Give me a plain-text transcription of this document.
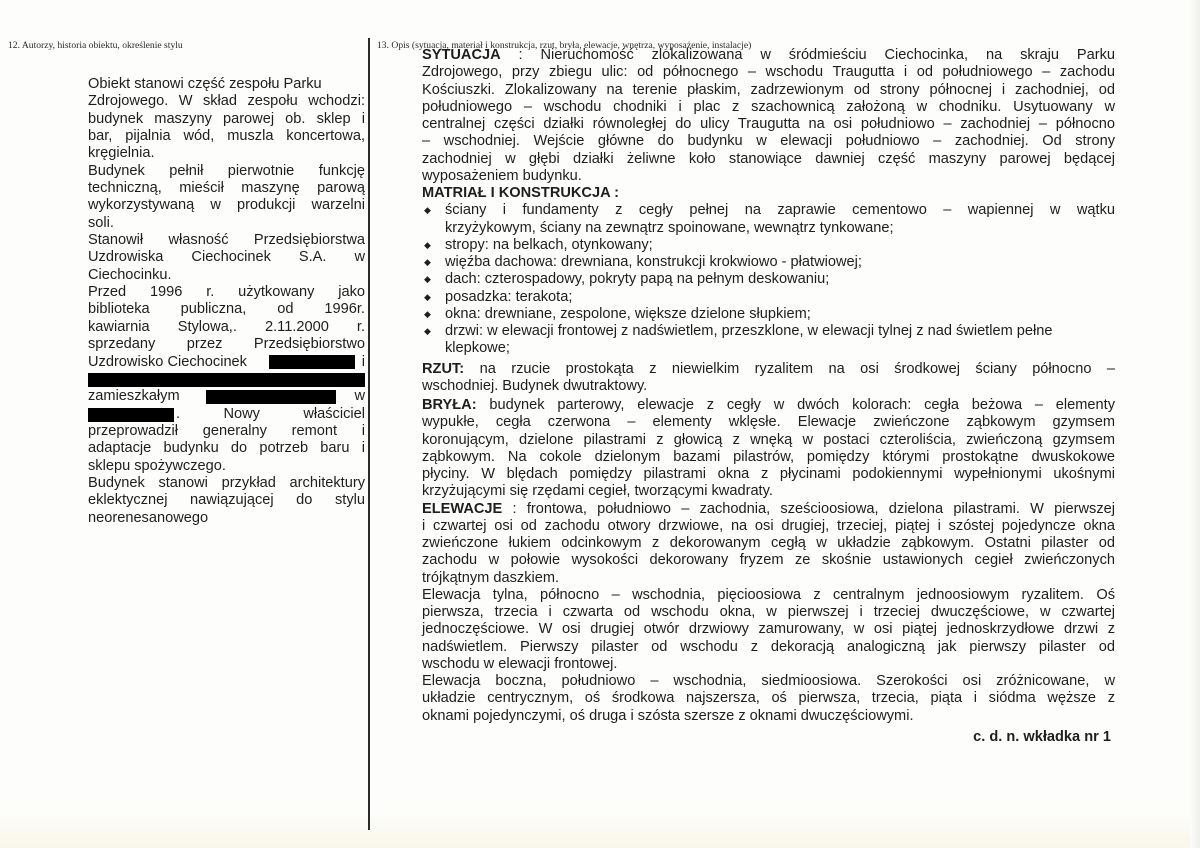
12. Autorzy, historia obiektu, określenie stylu	13. Opis (sytuacja, materiał i konstrukcja, rzut, bryła, elewacje, wnętrza, wyposażenie, instalacje)
Obiekt stanowi część zespołu Parku
Zdrojowego. W skład zespołu wchodzi:
budynek maszyny parowej ob. sklep i
bar, pijalnia wód, muszla koncertowa,
kręgielnia.
Budynek pełnił pierwotnie funkcję
techniczną, mieścił maszynę parową
wykorzystywaną w produkcji warzelni
soli.
Stanowił własność Przedsiębiorstwa
Uzdrowiska Ciechocinek S.A. w
Ciechocinku.
Przed 1996 r. użytkowany jako
biblioteka publiczna, od 1996r.
kawiarnia Stylowa,. 2.11.2000 r.
sprzedany przez Przedsiębiorstwo
Uzdrowisko Ciechocinek	i
zamieszkałym	w
. Nowy właściciel
przeprowadził generalny remont i
adaptacje budynku do potrzeb baru i
sklepu spożywczego.
Budynek stanowi przykład architektury
eklektycznej nawiązującej do stylu
neorenesanowego
SYTUACJA : Nieruchomość zlokalizowana w śródmieściu Ciechocinka, na skraju Parku
Zdrojowego, przy zbiegu ulic: od północnego – wschodu Traugutta i od południowego – zachodu
Kościuszki. Zlokalizowany na terenie płaskim, zadrzewionym od strony północnej i zachodniej, od
południowego – wschodu chodniki i plac z szachownicą założoną w chodniku. Usytuowany w
centralnej części działki równoległej do ulicy Traugutta na osi południowo – zachodniej – północno
– wschodniej. Wejście główne do budynku w elewacji południowo – zachodniej. Od strony
zachodniej w głębi działki żeliwne koło stanowiące dawniej część maszyny parowej będącej
wyposażeniem budynku.
MATRIAŁ I KONSTRUKCJA :
◆ ściany i fundamenty z cegły pełnej na zaprawie cementowo – wapiennej w wątku
krzyżykowym, ściany na zewnątrz spoinowane, wewnątrz tynkowane;
◆ stropy: na belkach, otynkowany;
◆ więźba dachowa: drewniana, konstrukcji krokwiowo - płatwiowej;
◆ dach: czterospadowy, pokryty papą na pełnym deskowaniu;
◆ posadzka: terakota;
◆ okna: drewniane, zespolone, większe dzielone słupkiem;
◆ drzwi: w elewacji frontowej z nadświetlem, przeszklone, w elewacji tylnej z nad świetlem pełne
klepkowe;
RZUT: na rzucie prostokąta z niewielkim ryzalitem na osi środkowej ściany północno –
wschodniej. Budynek dwutraktowy.
BRYŁA: budynek parterowy, elewacje z cegły w dwóch kolorach: cegła beżowa – elementy
wypukłe, cegła czerwona – elementy wklęsłe. Elewacje zwieńczone ząbkowym gzymsem
koronującym, dzielone pilastrami z głowicą z wnęką w postaci czteroliścia, zwieńczoną gzymsem
ząbkowym. Na cokole dzielonym bazami pilastrów, pomiędzy którymi prostokątne dwuskokowe
płyciny. W blędach pomiędzy pilastrami okna z płycinami podokiennymi wypełnionymi ukośnymi
krzyżującymi się rzędami cegieł, tworzącymi kwadraty.
ELEWACJE : frontowa, południowo – zachodnia, sześcioosiowa, dzielona pilastrami. W pierwszej
i czwartej osi od zachodu otwory drzwiowe, na osi drugiej, trzeciej, piątej i szóstej pojedyncze okna
zwieńczone łukiem odcinkowym z dekorowanym cegłą w układzie ząbkowym. Ostatni pilaster od
zachodu w połowie wysokości dekorowany fryzem ze skośnie ustawionych cegieł zwieńczonych
trójkątnym daszkiem.
Elewacja tylna, północno – wschodnia, pięcioosiowa z centralnym jednoosiowym ryzalitem. Oś
pierwsza, trzecia i czwarta od wschodu okna, w pierwszej i trzeciej dwuczęściowe, w czwartej
jednoczęściowe. W osi drugiej otwór drzwiowy zamurowany, w osi piątej jednoskrzydłowe drzwi z
nadświetlem. Pierwszy pilaster od wschodu z dekoracją analogiczną jak pierwszy pilaster od
wschodu w elewacji frontowej.
Elewacja boczna, południowo – wschodnia, siedmioosiowa. Szerokości osi zróżnicowane, w
układzie centrycznym, oś środkowa najszersza, oś pierwsza, trzecia, piąta i siódma węższe z
oknami pojedynczymi, oś druga i szósta szersze z oknami dwuczęściowymi.
c. d. n. wkładka nr 1
